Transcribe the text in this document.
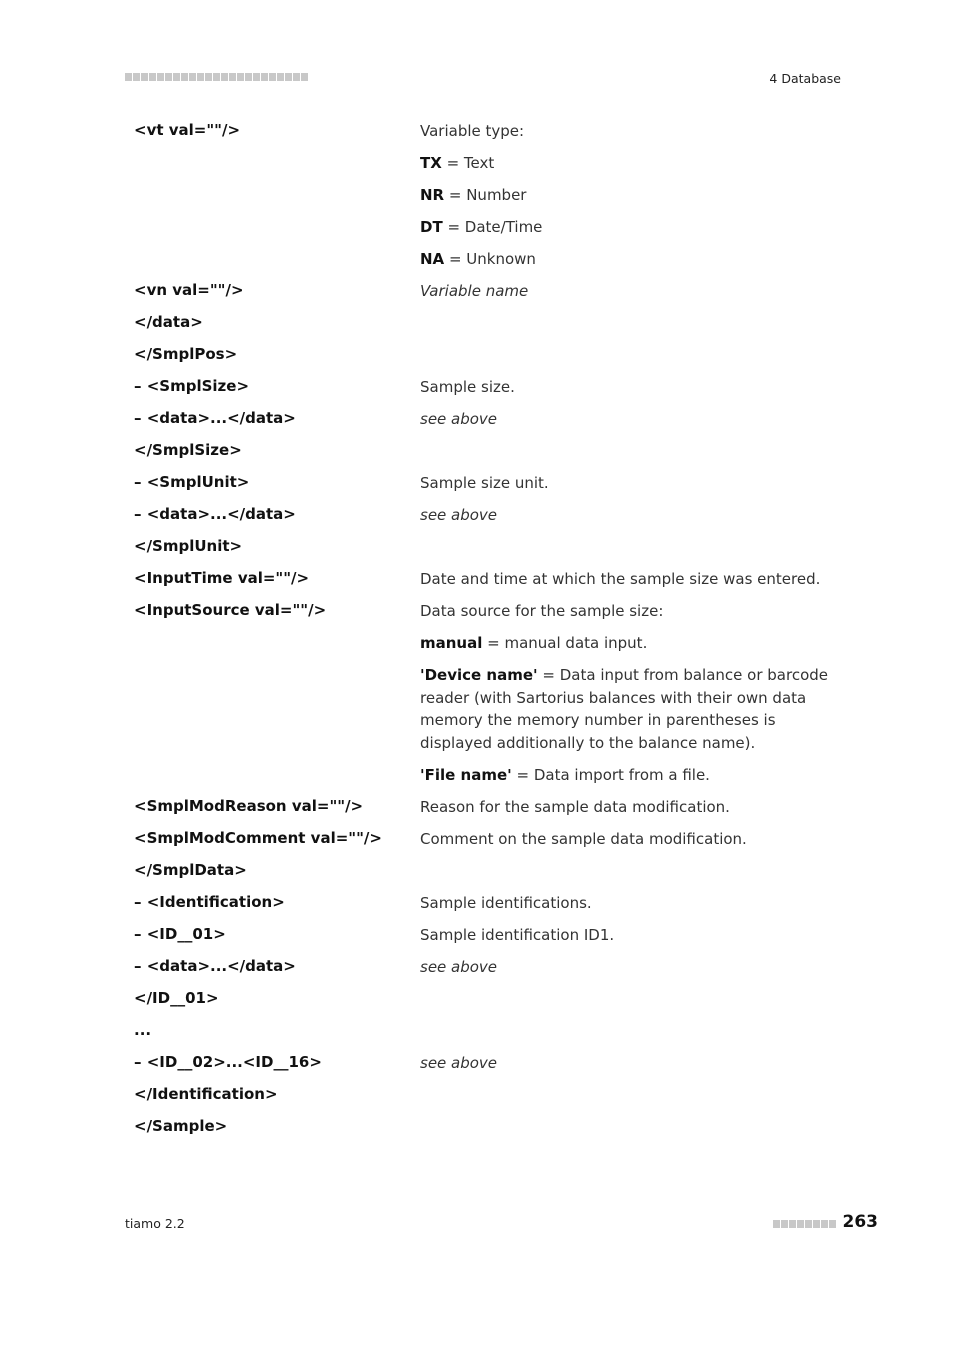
4 Database
<vt val=""/>	Variable type:
TX = Text
NR = Number
DT = Date/Time
NA = Unknown
<vn val=""/>	Variable name
</data>
</SmplPos>
– <SmplSize>	Sample size.
– <data>...</data>	see above
</SmplSize>
– <SmplUnit>	Sample size unit.
– <data>...</data>	see above
</SmplUnit>
<InputTime val=""/>	Date and time at which the sample size was entered.
<InputSource val=""/>	Data source for the sample size:
manual = manual data input.
'Device name' = Data input from balance or barcode reader (with Sartorius balances with their own data memory the memory number in parentheses is displayed additionally to the balance name).
'File name' = Data import from a file.
<SmplModReason val=""/>	Reason for the sample data modification.
<SmplModComment val=""/>	Comment on the sample data modification.
</SmplData>
– <Identification>	Sample identifications.
– <ID__01>	Sample identification ID1.
– <data>...</data>	see above
</ID__01>
...
– <ID__02>...<ID__16>	see above
</Identification>
</Sample>
tiamo 2.2	263
